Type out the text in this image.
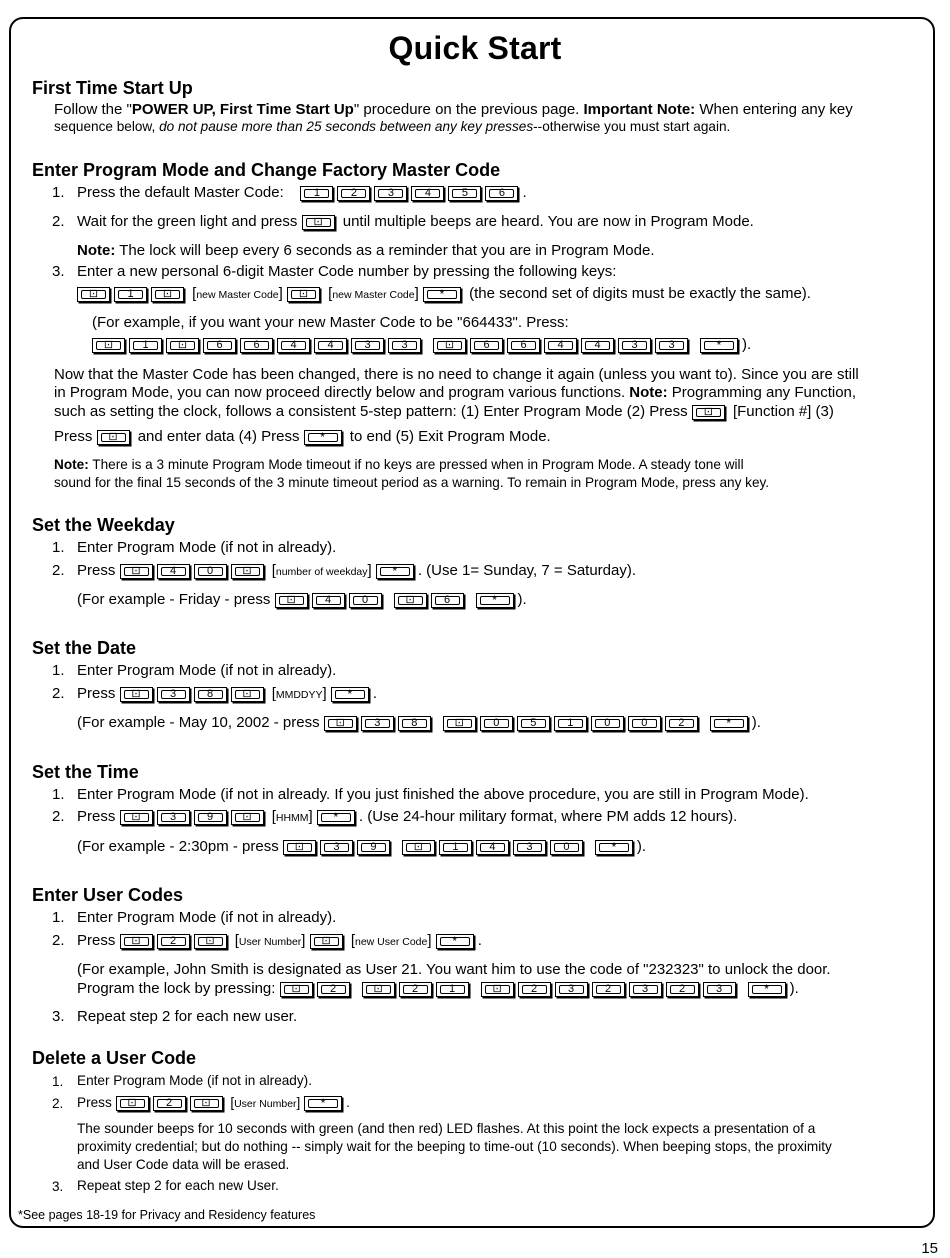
Quick Start
First Time Start Up
Follow the "POWER UP, First Time Start Up" procedure on the previous page. Important Note: When entering any key
sequence below, do not pause more than 25 seconds between any key presses--otherwise you must start again.
Enter Program Mode and Change Factory Master Code
1. Press the default Master Code:	1	2	3	4	5	6	.
2. Wait for the green light and press	⊡	until multiple beeps are heard. You are now in Program Mode.
Note: The lock will beep every 6 seconds as a reminder that you are in Program Mode.
3. Enter a new personal 6-digit Master Code number by pressing the following keys:
⊡	1	⊡	[new Master Code]	⊡	[new Master Code]	*	(the second set of digits must be exactly the same).
(For example, if you want your new Master Code to be "664433". Press:
⊡	1	⊡	6	6	4	4	3	3	⊡	6	6	4	4	3	3	*	).
Now that the Master Code has been changed, there is no need to change it again (unless you want to). Since you are still
in Program Mode, you can now proceed directly below and program various functions. Note: Programming any Function,
such as setting the clock, follows a consistent 5-step pattern: (1) Enter Program Mode (2) Press	⊡	[Function #] (3)
Press	⊡	and enter data (4) Press	*	to end (5) Exit Program Mode.
Note: There is a 3 minute Program Mode timeout if no keys are pressed when in Program Mode. A steady tone will
sound for the final 15 seconds of the 3 minute timeout period as a warning. To remain in Program Mode, press any key.
Set the Weekday
1. Enter Program Mode (if not in already).
2. Press	⊡	4	0	⊡	[number of weekday]	*	. (Use 1= Sunday, 7 = Saturday).
(For example - Friday - press	⊡	4	0	⊡	6	*	).
Set the Date
1. Enter Program Mode (if not in already).
2. Press	⊡	3	8	⊡	[MMDDYY]	*	.
(For example - May 10, 2002 - press	⊡	3	8	⊡	0	5	1	0	0	2	*	).
Set the Time
1. Enter Program Mode (if not in already. If you just finished the above procedure, you are still in Program Mode).
2. Press	⊡	3	9	⊡	[HHMM]	*	. (Use 24-hour military format, where PM adds 12 hours).
(For example - 2:30pm - press	⊡	3	9	⊡	1	4	3	0	*	).
Enter User Codes
1. Enter Program Mode (if not in already).
2. Press	⊡	2	⊡	[User Number]	⊡	[new User Code]	*	.
(For example, John Smith is designated as User 21. You want him to use the code of "232323" to unlock the door.
Program the lock by pressing:	⊡	2	⊡	2	1	⊡	2	3	2	3	2	3	*	).
3. Repeat step 2 for each new user.
Delete a User Code
1. Enter Program Mode (if not in already).
2. Press	⊡	2	⊡	[User Number]	*	.
The sounder beeps for 10 seconds with green (and then red) LED flashes. At this point the lock expects a presentation of a
proximity credential; but do nothing -- simply wait for the beeping to time-out (10 seconds). When beeping stops, the proximity
and User Code data will be erased.
3. Repeat step 2 for each new User.
*See pages 18-19 for Privacy and Residency features
15
